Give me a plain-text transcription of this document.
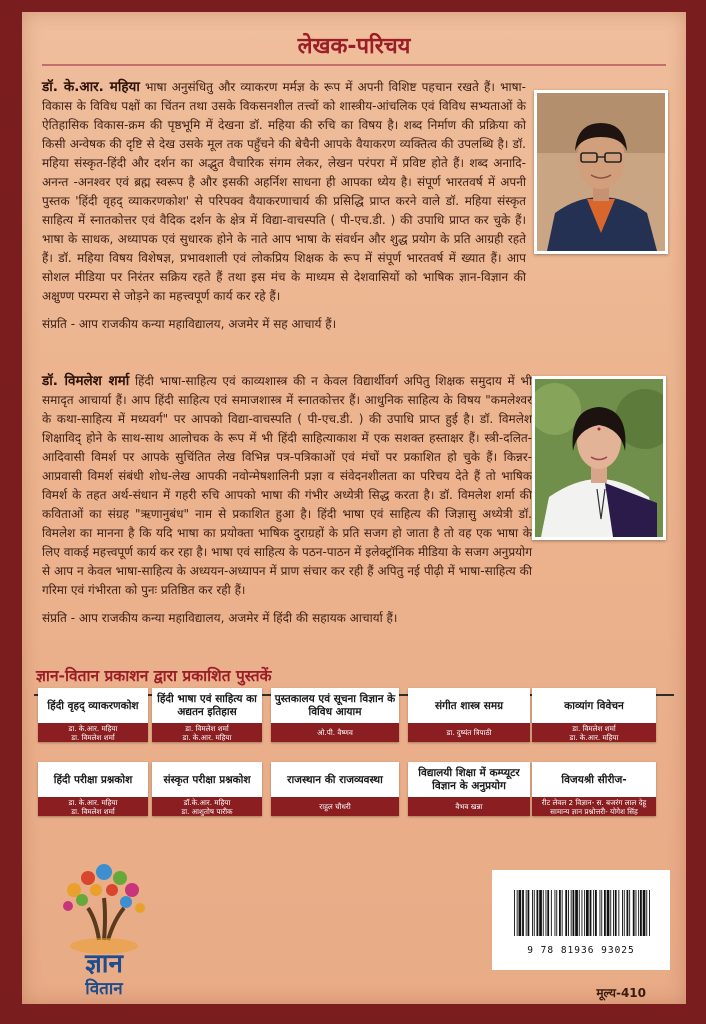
लेखक-परिचय

डॉ. के.आर. महिया भाषा अनुसंधितु और व्याकरण मर्मज्ञ के रूप में अपनी विशिष्ट पहचान रखते हैं। भाषा-विकास के विविध पक्षों का चिंतन तथा उसके विकसनशील तत्त्वों को शास्त्रीय-आंचलिक एवं विविध सभ्यताओं के ऐतिहासिक विकास-क्रम की पृष्ठभूमि में देखना डॉ. महिया की रुचि का विषय है। शब्द निर्माण की प्रक्रिया को किसी अन्वेषक की दृष्टि से देख उसके मूल तक पहुँचने की बेचैनी आपके वैयाकरण व्यक्तित्व की उपलब्धि है। डॉ. महिया संस्कृत-हिंदी और दर्शन का अद्भुत वैचारिक संगम लेकर, लेखन परंपरा में प्रविष्ट होते हैं। शब्द अनादि-अनन्त -अनश्वर एवं ब्रह्म स्वरूप है और इसकी अहर्निश साधना ही आपका ध्येय है। संपूर्ण भारतवर्ष में अपनी पुस्तक 'हिंदी वृहद् व्याकरणकोश' से परिपक्व वैयाकरणाचार्य की प्रसिद्धि प्राप्त करने वाले डॉ. महिया संस्कृत साहित्य में स्नातकोत्तर एवं वैदिक दर्शन के क्षेत्र में विद्या-वाचस्पति ( पी-एच.डी. ) की उपाधि प्राप्त कर चुके हैं। भाषा के साधक, अध्यापक एवं सुधारक होने के नाते आप भाषा के संवर्धन और शुद्ध प्रयोग के प्रति आग्रही रहते हैं। डॉ. महिया विषय विशेषज्ञ, प्रभावशाली एवं लोकप्रिय शिक्षक के रूप में संपूर्ण भारतवर्ष में ख्यात हैं। आप सोशल मीडिया पर निरंतर सक्रिय रहते हैं तथा इस मंच के माध्यम से देशवासियों को भाषिक ज्ञान-विज्ञान की अक्षुण्ण परम्परा से जोड़ने का महत्त्वपूर्ण कार्य कर रहे हैं।

संप्रति - आप राजकीय कन्या महाविद्यालय, अजमेर में सह आचार्य हैं।

डॉ. विमलेश शर्मा हिंदी भाषा-साहित्य एवं काव्यशास्त्र की न केवल विद्यार्थीवर्ग अपितु शिक्षक समुदाय में भी समादृत आचार्या हैं। आप हिंदी साहित्य एवं समाजशास्त्र में स्नातकोत्तर हैं। आधुनिक साहित्य के विषय "कमलेश्वर के कथा-साहित्य में मध्यवर्ग" पर आपको विद्या-वाचस्पति ( पी-एच.डी. ) की उपाधि प्राप्त हुई है। डॉ. विमलेश शिक्षाविद् होने के साथ-साथ आलोचक के रूप में भी हिंदी साहित्याकाश में एक सशक्त हस्ताक्षर हैं। स्त्री-दलित-आदिवासी विमर्श पर आपके सुचिंतित लेख विभिन्न पत्र-पत्रिकाओं एवं मंचों पर प्रकाशित हो चुके हैं। किन्नर-आप्रवासी विमर्श संबंधी शोध-लेख आपकी नवोन्मेषशालिनी प्रज्ञा व संवेदनशीलता का परिचय देते हैं तो भाषिक विमर्श के तहत अर्थ-संधान में गहरी रुचि आपको भाषा की गंभीर अध्येत्री सिद्ध करता है। डॉ. विमलेश शर्मा की कविताओं का संग्रह "ऋणानुबंध" नाम से प्रकाशित हुआ है। हिंदी भाषा एवं साहित्य की जिज्ञासु अध्येत्री डॉ. विमलेश का मानना है कि यदि भाषा का प्रयोक्ता भाषिक दुराग्रहों के प्रति सजग हो जाता है तो वह एक भाषा के लिए वाकई महत्त्वपूर्ण कार्य कर रहा है। भाषा एवं साहित्य के पठन-पाठन में इलेक्ट्रॉनिक मीडिया के सजग अनुप्रयोग से आप न केवल भाषा-साहित्य के अध्ययन-अध्यापन में प्राण संचार कर रही हैं अपितु नई पीढ़ी में भाषा-साहित्य की गरिमा एवं गंभीरता को पुनः प्रतिष्ठित कर रही हैं।

संप्रति - आप राजकीय कन्या महाविद्यालय, अजमेर में हिंदी की सहायक आचार्या हैं।

ज्ञान-वितान प्रकाशन द्वारा प्रकाशित पुस्तकें
हिंदी वृहद् व्याकरणकोश
डा. के.आर. महिया
डा. विमलेश शर्मा
हिंदी भाषा एवं साहित्य का अद्यतन इतिहास
डा. विमलेश शर्मा
डा. के.आर. महिया
पुस्तकालय एवं सूचना विज्ञान के विविध आयाम
ओ.पी. वैष्णव
संगीत शास्त्र समग्र
डा. दुष्यंत त्रिपाठी
काव्यांग विवेचन
डा. विमलेश शर्मा
डा. के.आर. महिया
हिंदी परीक्षा प्रश्नकोश
डा. के.आर. महिया
डा. विमलेश शर्मा
संस्कृत परीक्षा प्रश्नकोश
डॉ.के.आर. महिया
डा. आशुतोष पारीक
राजस्थान की राजव्यवस्था
राहुल चौधरी
विद्यालयी शिक्षा में कम्प्यूटर विज्ञान के अनुप्रयोग
वैभव खन्ना
विजयश्री सीरीज-
रीट लेवल 2 विज्ञान- स. बजरंग लाल देहू
सामान्य ज्ञान प्रश्नोत्तरी- योगेश सिंह
ज्ञान
वितान
9 78 81936 93025
मूल्य-410
